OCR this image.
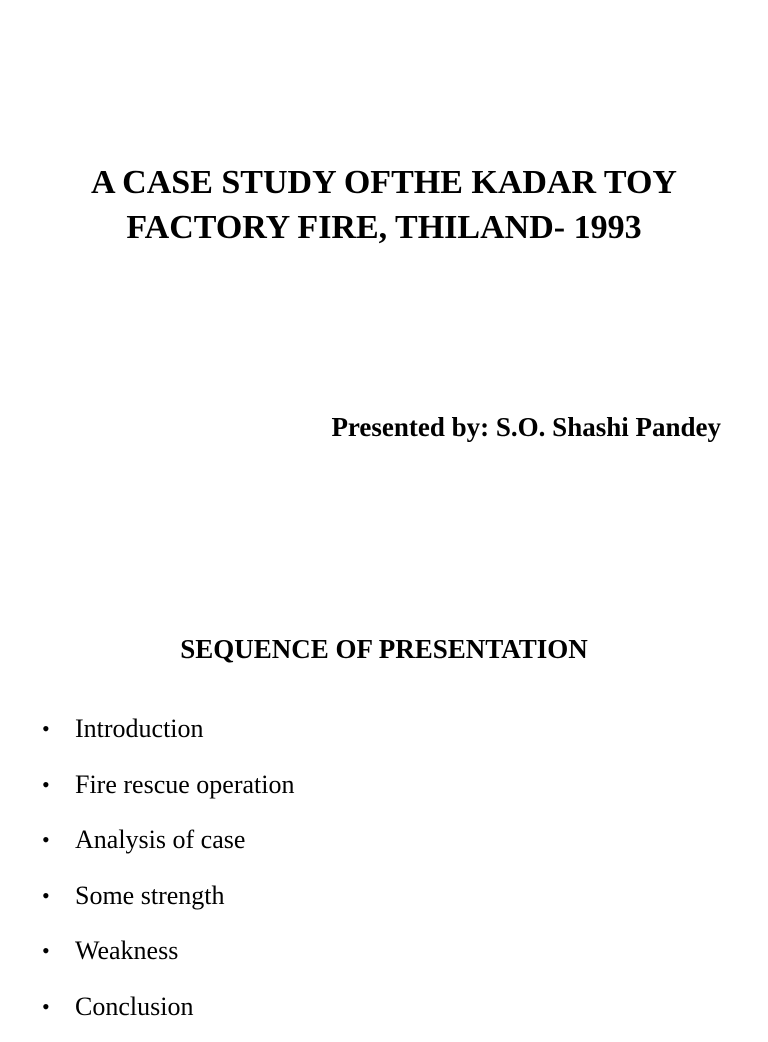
A CASE STUDY OFTHE KADAR TOY
FACTORY FIRE, THILAND- 1993

Presented by: S.O. Shashi Pandey

SEQUENCE OF PRESENTATION
• Introduction
• Fire rescue operation
• Analysis of case
• Some strength
• Weakness
• Conclusion
